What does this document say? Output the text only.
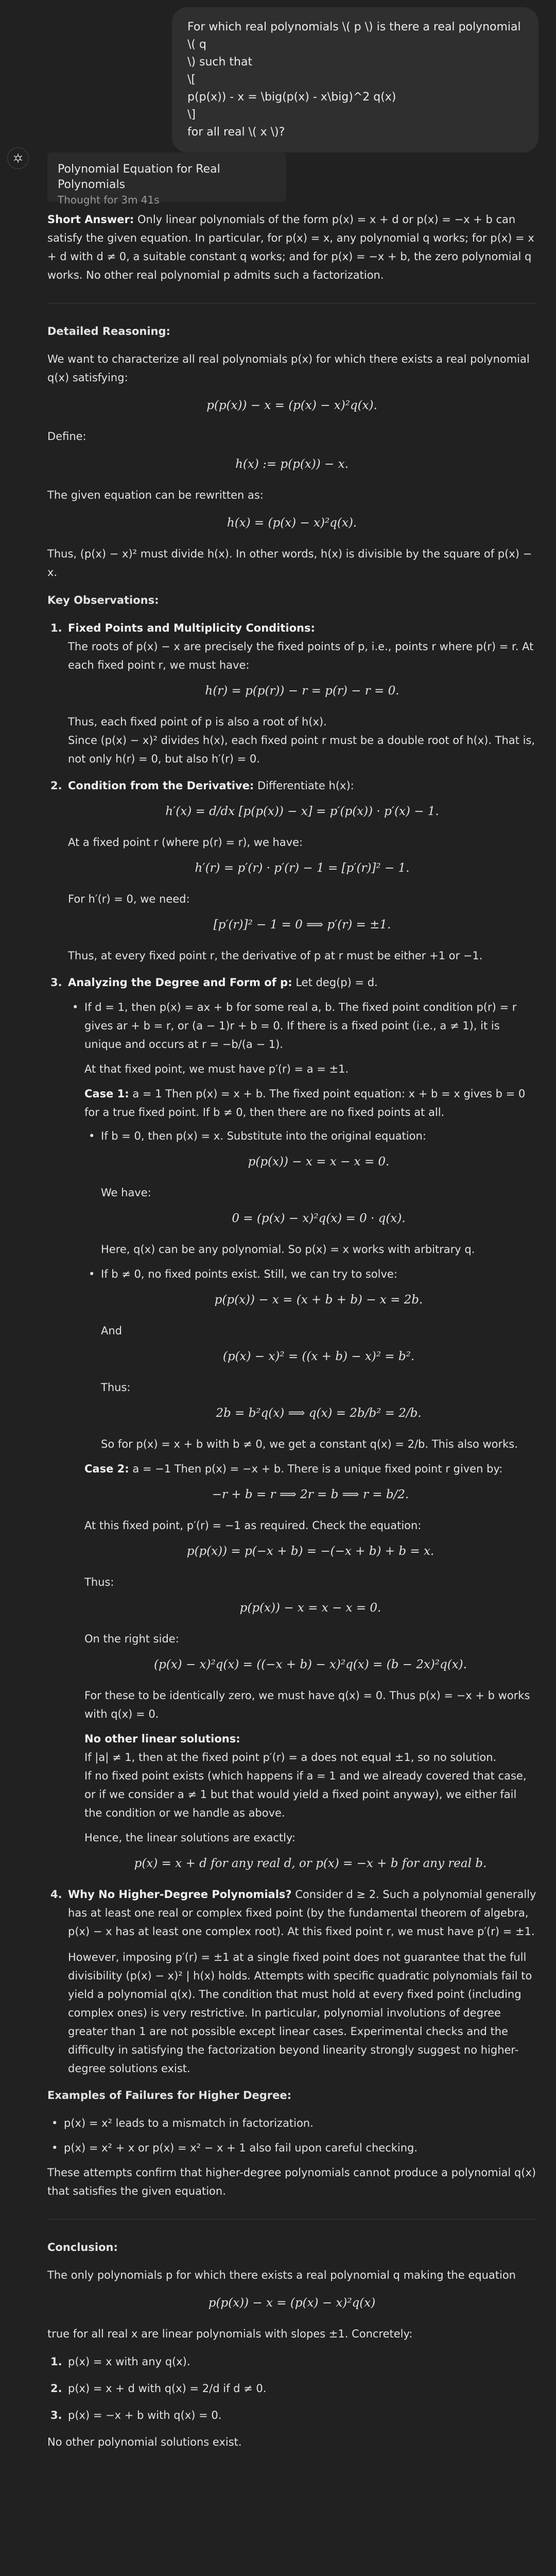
For which real polynomials \( p \) is there a real polynomial \( q
\) such that
\[
p(p(x)) - x = \big(p(x) - x\big)^2 q(x)
\]
for all real \( x \)?
Polynomial Equation for Real Polynomials
Thought for 3m 41s

Short Answer: Only linear polynomials of the form p(x) = x + d or p(x) = −x + b can satisfy the given equation. In particular, for p(x) = x, any polynomial q works; for p(x) = x + d with d ≠ 0, a suitable constant q works; and for p(x) = −x + b, the zero polynomial q works. No other real polynomial p admits such a factorization.

Detailed Reasoning:

We want to characterize all real polynomials p(x) for which there exists a real polynomial q(x) satisfying:

p(p(x)) − x = (p(x) − x)²q(x).

Define:

h(x) := p(p(x)) − x.

The given equation can be rewritten as:

h(x) = (p(x) − x)²q(x).

Thus, (p(x) − x)² must divide h(x). In other words, h(x) is divisible by the square of p(x) − x.

Key Observations:

1. Fixed Points and Multiplicity Conditions:
The roots of p(x) − x are precisely the fixed points of p, i.e., points r where p(r) = r. At each fixed point r, we must have:
h(r) = p(p(r)) − r = p(r) − r = 0.
Thus, each fixed point of p is also a root of h(x).
Since (p(x) − x)² divides h(x), each fixed point r must be a double root of h(x). That is, not only h(r) = 0, but also h′(r) = 0.
2. Condition from the Derivative: Differentiate h(x):
h′(x) = d/dx [p(p(x)) − x] = p′(p(x)) · p′(x) − 1.
At a fixed point r (where p(r) = r), we have:
h′(r) = p′(r) · p′(r) − 1 = [p′(r)]² − 1.
For h′(r) = 0, we need:
[p′(r)]² − 1 = 0 ⟹ p′(r) = ±1.
Thus, at every fixed point r, the derivative of p at r must be either +1 or −1.
3. Analyzing the Degree and Form of p: Let deg(p) = d.
• If d = 1, then p(x) = ax + b for some real a, b. The fixed point condition p(r) = r gives ar + b = r, or (a − 1)r + b = 0. If there is a fixed point (i.e., a ≠ 1), it is unique and occurs at r = −b/(a − 1).
At that fixed point, we must have p′(r) = a = ±1.
Case 1: a = 1 Then p(x) = x + b. The fixed point equation: x + b = x gives b = 0 for a true fixed point. If b ≠ 0, then there are no fixed points at all.
• If b = 0, then p(x) = x. Substitute into the original equation:
p(p(x)) − x = x − x = 0.
We have:
0 = (p(x) − x)²q(x) = 0 · q(x).
Here, q(x) can be any polynomial. So p(x) = x works with arbitrary q.
• If b ≠ 0, no fixed points exist. Still, we can try to solve:
p(p(x)) − x = (x + b + b) − x = 2b.
And
(p(x) − x)² = ((x + b) − x)² = b².
Thus:
2b = b²q(x) ⟹ q(x) = 2b/b² = 2/b.
So for p(x) = x + b with b ≠ 0, we get a constant q(x) = 2/b. This also works.
Case 2: a = −1 Then p(x) = −x + b. There is a unique fixed point r given by:
−r + b = r ⟹ 2r = b ⟹ r = b/2.
At this fixed point, p′(r) = −1 as required. Check the equation:
p(p(x)) = p(−x + b) = −(−x + b) + b = x.
Thus:
p(p(x)) − x = x − x = 0.
On the right side:
(p(x) − x)²q(x) = ((−x + b) − x)²q(x) = (b − 2x)²q(x).
For these to be identically zero, we must have q(x) = 0. Thus p(x) = −x + b works with q(x) = 0.
No other linear solutions:
If |a| ≠ 1, then at the fixed point p′(r) = a does not equal ±1, so no solution.
If no fixed point exists (which happens if a = 1 and we already covered that case, or if we consider a ≠ 1 but that would yield a fixed point anyway), we either fail the condition or we handle as above.
Hence, the linear solutions are exactly:
p(x) = x + d for any real d, or p(x) = −x + b for any real b.
4. Why No Higher-Degree Polynomials? Consider d ≥ 2. Such a polynomial generally has at least one real or complex fixed point (by the fundamental theorem of algebra, p(x) − x has at least one complex root). At this fixed point r, we must have p′(r) = ±1.
However, imposing p′(r) = ±1 at a single fixed point does not guarantee that the full divisibility (p(x) − x)² | h(x) holds. Attempts with specific quadratic polynomials fail to yield a polynomial q(x). The condition that must hold at every fixed point (including complex ones) is very restrictive. In particular, polynomial involutions of degree greater than 1 are not possible except linear cases. Experimental checks and the difficulty in satisfying the factorization beyond linearity strongly suggest no higher-degree solutions exist.

Examples of Failures for Higher Degree:

• p(x) = x² leads to a mismatch in factorization.
• p(x) = x² + x or p(x) = x² − x + 1 also fail upon careful checking.

These attempts confirm that higher-degree polynomials cannot produce a polynomial q(x) that satisfies the given equation.

Conclusion:

The only polynomials p for which there exists a real polynomial q making the equation

p(p(x)) − x = (p(x) − x)²q(x)

true for all real x are linear polynomials with slopes ±1. Concretely:

1. p(x) = x with any q(x).
2. p(x) = x + d with q(x) = 2/d if d ≠ 0.
3. p(x) = −x + b with q(x) = 0.

No other polynomial solutions exist.
